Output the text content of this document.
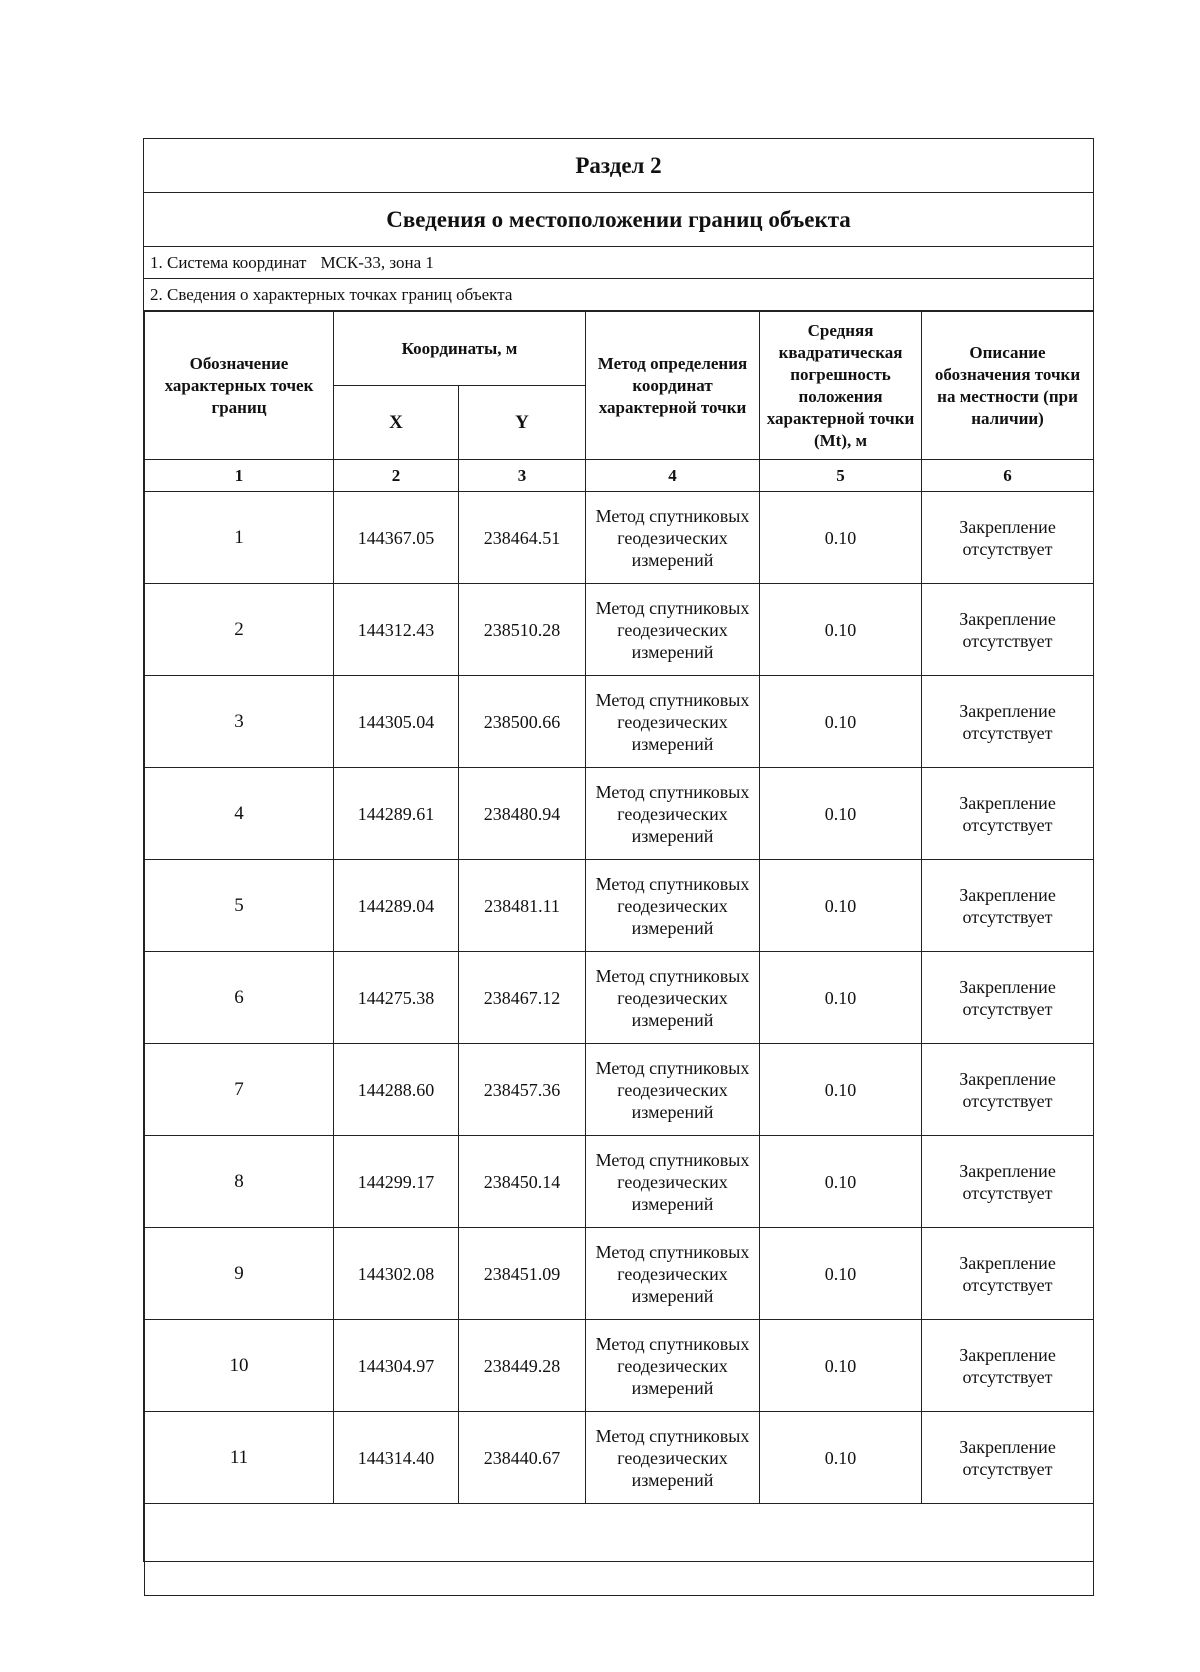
Раздел 2
Сведения о местоположении границ объекта
1. Система координат МСК-33, зона 1
2. Сведения о характерных точках границ объекта
Обозначение характерных точек границ	Координаты, м		Метод определения координат характерной точки	Средняя квадратическая погрешность положения характерной точки (Mt), м	Описание обозначения точки на местности (при наличии)
	X	Y			
1	2	3	4	5	6
1	144367.05	238464.51	Метод спутниковых геодезических измерений	0.10	Закрепление отсутствует
2	144312.43	238510.28	Метод спутниковых геодезических измерений	0.10	Закрепление отсутствует
3	144305.04	238500.66	Метод спутниковых геодезических измерений	0.10	Закрепление отсутствует
4	144289.61	238480.94	Метод спутниковых геодезических измерений	0.10	Закрепление отсутствует
5	144289.04	238481.11	Метод спутниковых геодезических измерений	0.10	Закрепление отсутствует
6	144275.38	238467.12	Метод спутниковых геодезических измерений	0.10	Закрепление отсутствует
7	144288.60	238457.36	Метод спутниковых геодезических измерений	0.10	Закрепление отсутствует
8	144299.17	238450.14	Метод спутниковых геодезических измерений	0.10	Закрепление отсутствует
9	144302.08	238451.09	Метод спутниковых геодезических измерений	0.10	Закрепление отсутствует
10	144304.97	238449.28	Метод спутниковых геодезических измерений	0.10	Закрепление отсутствует
11	144314.40	238440.67	Метод спутниковых геодезических измерений	0.10	Закрепление отсутствует
